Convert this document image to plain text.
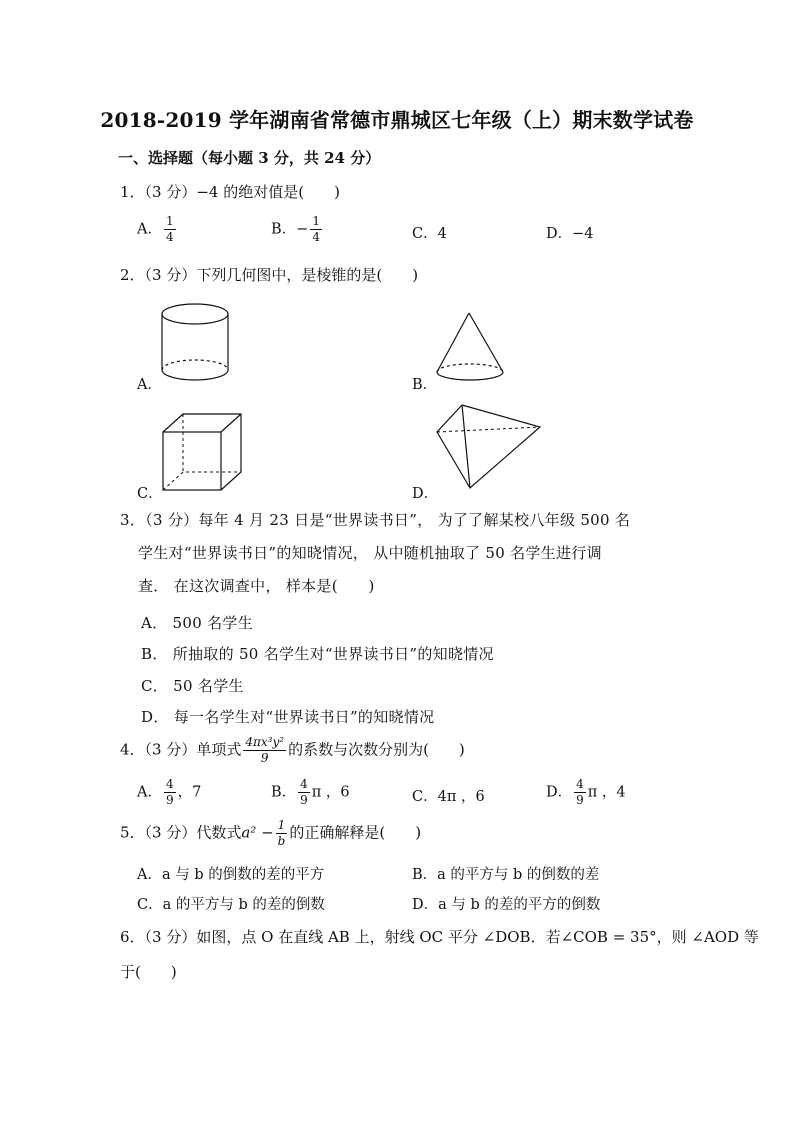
2018-2019 学年湖南省常德市鼎城区七年级（上）期末数学试卷
一、选择题（每小题 3 分，共 24 分）
1．（3 分）−4 的绝对值是(　　)
A． $\frac{1}{4}$	B．− $\frac{1}{4}$	C．4	D．−4
2．（3 分）下列几何图中，是棱锥的是(　　)
A．	B．
C．	D．
3．（3 分）每年 4 月 23 日是“世界读书日”， 为了了解某校八年级 500 名
学生对“世界读书日”的知晓情况， 从中随机抽取了 50 名学生进行调
查． 在这次调查中， 样本是(　　)
A． 500 名学生
B． 所抽取的 50 名学生对“世界读书日”的知晓情况
C． 50 名学生
D． 每一名学生对“世界读书日”的知晓情况
4．（3 分）单项式 $\frac{\text{4πx³y²}}{9}$ 的系数与次数分别为(　　)
A． $\frac{4}{9}$ ，7	B． $\frac{4}{9}$ π ，6	C．4π ，6	D． $\frac{4}{9}$ π ，4
5．（3 分）代数式$a^2 - \frac{1}{b}$ 的正确解释是(　　)
A．a 与 b 的倒数的差的平方	B．a 的平方与 b 的倒数的差
C．a 的平方与 b 的差的倒数	D．a 与 b 的差的平方的倒数
6．（3 分）如图，点 O 在直线 AB 上，射线 OC 平分 ∠DOB．若∠COB = 35°，则 ∠AOD 等
于(　　)
